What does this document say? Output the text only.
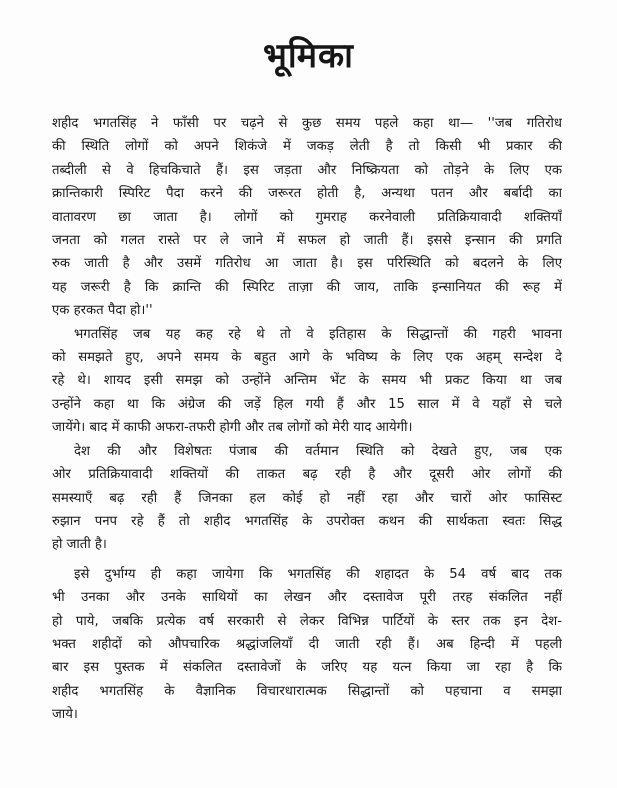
भूमिका

शहीद भगतसिंह ने फाँसी पर चढ़ने से कुछ समय पहले कहा था— ''जब गतिरोध
की स्थिति लोगों को अपने शिकंजे में जकड़ लेती है तो किसी भी प्रकार की
तब्दीली से वे हिचकिचाते हैं। इस जड़ता और निष्क्रियता को तोड़ने के लिए एक
क्रान्तिकारी स्पिरिट पैदा करने की जरूरत होती है, अन्यथा पतन और बर्बादी का
वातावरण छा जाता है। लोगों को गुमराह करनेवाली प्रतिक्रियावादी शक्तियाँ
जनता को गलत रास्ते पर ले जाने में सफल हो जाती हैं। इससे इन्सान की प्रगति
रुक जाती है और उसमें गतिरोध आ जाता है। इस परिस्थिति को बदलने के लिए
यह जरूरी है कि क्रान्ति की स्पिरिट ताज़ा की जाय, ताकि इन्सानियत की रूह में
एक हरकत पैदा हो।''

भगतसिंह जब यह कह रहे थे तो वे इतिहास के सिद्धान्तों की गहरी भावना
को समझते हुए, अपने समय के बहुत आगे के भविष्य के लिए एक अहम् सन्देश दे
रहे थे। शायद इसी समझ को उन्होंने अन्तिम भेंट के समय भी प्रकट किया था जब
उन्होंने कहा था कि अंग्रेज की जड़ें हिल गयी हैं और 15 साल में वे यहाँ से चले
जायेंगे। बाद में काफी अफरा-तफरी होगी और तब लोगों को मेरी याद आयेगी।

देश की और विशेषतः पंजाब की वर्तमान स्थिति को देखते हुए, जब एक
ओर प्रतिक्रियावादी शक्तियों की ताकत बढ़ रही है और दूसरी ओर लोगों की
समस्याएँ बढ़ रही हैं जिनका हल कोई हो नहीं रहा और चारों ओर फासिस्ट
रुझान पनप रहे हैं तो शहीद भगतसिंह के उपरोक्त कथन की सार्थकता स्वतः सिद्ध
हो जाती है।

इसे दुर्भाग्य ही कहा जायेगा कि भगतसिंह की शहादत के 54 वर्ष बाद तक
भी उनका और उनके साथियों का लेखन और दस्तावेज पूरी तरह संकलित नहीं
हो पाये, जबकि प्रत्येक वर्ष सरकारी से लेकर विभिन्न पार्टियों के स्तर तक इन देश-
भक्त शहीदों को औपचारिक श्रद्धांजलियाँ दी जाती रही हैं। अब हिन्दी में पहली
बार इस पुस्तक में संकलित दस्तावेजों के जरिए यह यत्न किया जा रहा है कि
शहीद भगतसिंह के वैज्ञानिक विचारधारात्मक सिद्धान्तों को पहचाना व समझा
जाये।
